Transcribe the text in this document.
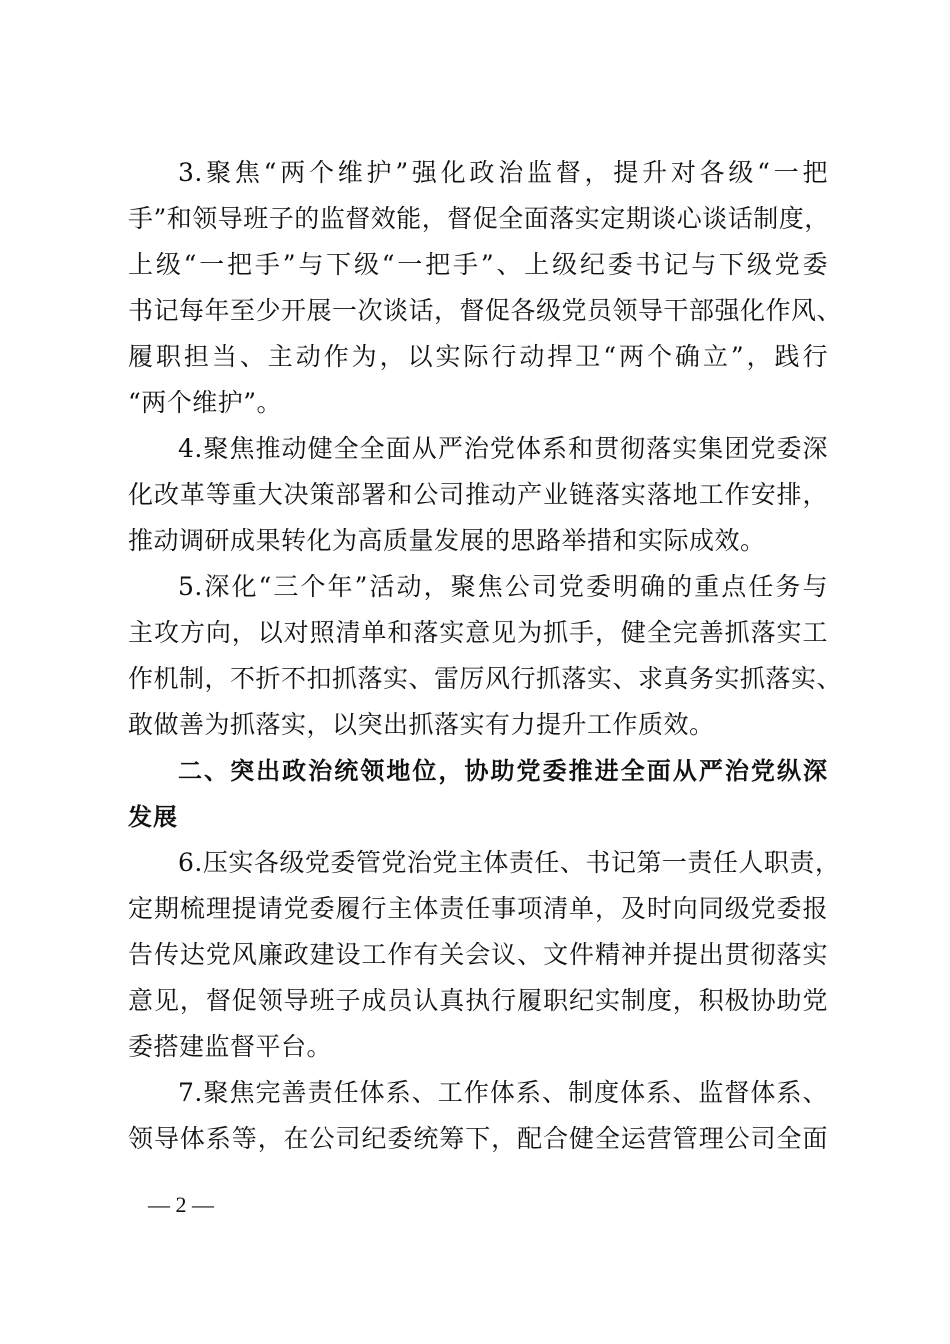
3.聚焦“两个维护”强化政治监督，提升对各级“一把
手”和领导班子的监督效能，督促全面落实定期谈心谈话制度，
上级“一把手”与下级“一把手”、上级纪委书记与下级党委
书记每年至少开展一次谈话，督促各级党员领导干部强化作风、
履职担当、主动作为，以实际行动捍卫“两个确立”，践行
“两个维护”。
4.聚焦推动健全全面从严治党体系和贯彻落实集团党委深
化改革等重大决策部署和公司推动产业链落实落地工作安排，
推动调研成果转化为高质量发展的思路举措和实际成效。
5.深化“三个年”活动，聚焦公司党委明确的重点任务与
主攻方向，以对照清单和落实意见为抓手，健全完善抓落实工
作机制，不折不扣抓落实、雷厉风行抓落实、求真务实抓落实、
敢做善为抓落实，以突出抓落实有力提升工作质效。
二、突出政治统领地位，协助党委推进全面从严治党纵深
发展
6.压实各级党委管党治党主体责任、书记第一责任人职责，
定期梳理提请党委履行主体责任事项清单，及时向同级党委报
告传达党风廉政建设工作有关会议、文件精神并提出贯彻落实
意见，督促领导班子成员认真执行履职纪实制度，积极协助党
委搭建监督平台。
7.聚焦完善责任体系、工作体系、制度体系、监督体系、
领导体系等，在公司纪委统筹下，配合健全运营管理公司全面
— 2 —
